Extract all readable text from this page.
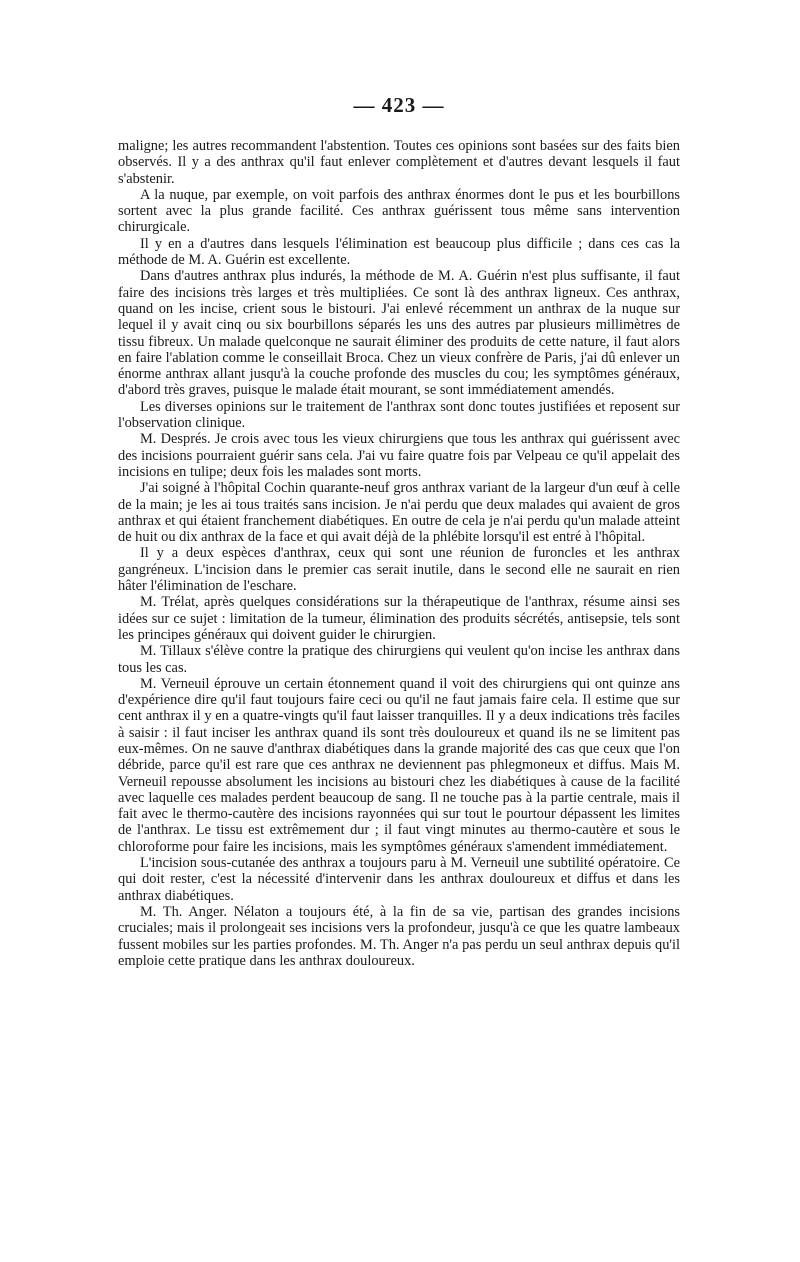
— 423 —

maligne; les autres recommandent l'abstention. Toutes ces opinions sont basées sur des faits bien observés. Il y a des anthrax qu'il faut enlever complètement et d'autres devant lesquels il faut s'abstenir.

A la nuque, par exemple, on voit parfois des anthrax énormes dont le pus et les bourbillons sortent avec la plus grande facilité. Ces anthrax guérissent tous même sans intervention chirurgicale.

Il y en a d'autres dans lesquels l'élimination est beaucoup plus difficile ; dans ces cas la méthode de M. A. Guérin est excellente.

Dans d'autres anthrax plus indurés, la méthode de M. A. Guérin n'est plus suffisante, il faut faire des incisions très larges et très multipliées. Ce sont là des anthrax ligneux. Ces anthrax, quand on les incise, crient sous le bistouri. J'ai enlevé récemment un anthrax de la nuque sur lequel il y avait cinq ou six bourbillons séparés les uns des autres par plusieurs millimètres de tissu fibreux. Un malade quelconque ne saurait éliminer des produits de cette nature, il faut alors en faire l'ablation comme le conseillait Broca. Chez un vieux confrère de Paris, j'ai dû enlever un énorme anthrax allant jusqu'à la couche profonde des muscles du cou; les symptômes généraux, d'abord très graves, puisque le malade était mourant, se sont immédiatement amendés.

Les diverses opinions sur le traitement de l'anthrax sont donc toutes justifiées et reposent sur l'observation clinique.

M. Després. Je crois avec tous les vieux chirurgiens que tous les anthrax qui guérissent avec des incisions pourraient guérir sans cela. J'ai vu faire quatre fois par Velpeau ce qu'il appelait des incisions en tulipe; deux fois les malades sont morts.

J'ai soigné à l'hôpital Cochin quarante-neuf gros anthrax variant de la largeur d'un œuf à celle de la main; je les ai tous traités sans incision. Je n'ai perdu que deux malades qui avaient de gros anthrax et qui étaient franchement diabétiques. En outre de cela je n'ai perdu qu'un malade atteint de huit ou dix anthrax de la face et qui avait déjà de la phlébite lorsqu'il est entré à l'hôpital.

Il y a deux espèces d'anthrax, ceux qui sont une réunion de furoncles et les anthrax gangréneux. L'incision dans le premier cas serait inutile, dans le second elle ne saurait en rien hâter l'élimination de l'eschare.

M. Trélat, après quelques considérations sur la thérapeutique de l'anthrax, résume ainsi ses idées sur ce sujet : limitation de la tumeur, élimination des produits sécrétés, antisepsie, tels sont les principes généraux qui doivent guider le chirurgien.

M. Tillaux s'élève contre la pratique des chirurgiens qui veulent qu'on incise les anthrax dans tous les cas.

M. Verneuil éprouve un certain étonnement quand il voit des chirurgiens qui ont quinze ans d'expérience dire qu'il faut toujours faire ceci ou qu'il ne faut jamais faire cela. Il estime que sur cent anthrax il y en a quatre-vingts qu'il faut laisser tranquilles. Il y a deux indications très faciles à saisir : il faut inciser les anthrax quand ils sont très douloureux et quand ils ne se limitent pas eux-mêmes. On ne sauve d'anthrax diabétiques dans la grande majorité des cas que ceux que l'on débride, parce qu'il est rare que ces anthrax ne deviennent pas phlegmoneux et diffus. Mais M. Verneuil repousse absolument les incisions au bistouri chez les diabétiques à cause de la facilité avec laquelle ces malades perdent beaucoup de sang. Il ne touche pas à la partie centrale, mais il fait avec le thermo-cautère des incisions rayonnées qui sur tout le pourtour dépassent les limites de l'anthrax. Le tissu est extrêmement dur ; il faut vingt minutes au thermo-cautère et sous le chloroforme pour faire les incisions, mais les symptômes généraux s'amendent immédiatement.

L'incision sous-cutanée des anthrax a toujours paru à M. Verneuil une subtilité opératoire. Ce qui doit rester, c'est la nécessité d'intervenir dans les anthrax douloureux et diffus et dans les anthrax diabétiques.

M. Th. Anger. Nélaton a toujours été, à la fin de sa vie, partisan des grandes incisions cruciales; mais il prolongeait ses incisions vers la profondeur, jusqu'à ce que les quatre lambeaux fussent mobiles sur les parties profondes. M. Th. Anger n'a pas perdu un seul anthrax depuis qu'il emploie cette pratique dans les anthrax douloureux.
